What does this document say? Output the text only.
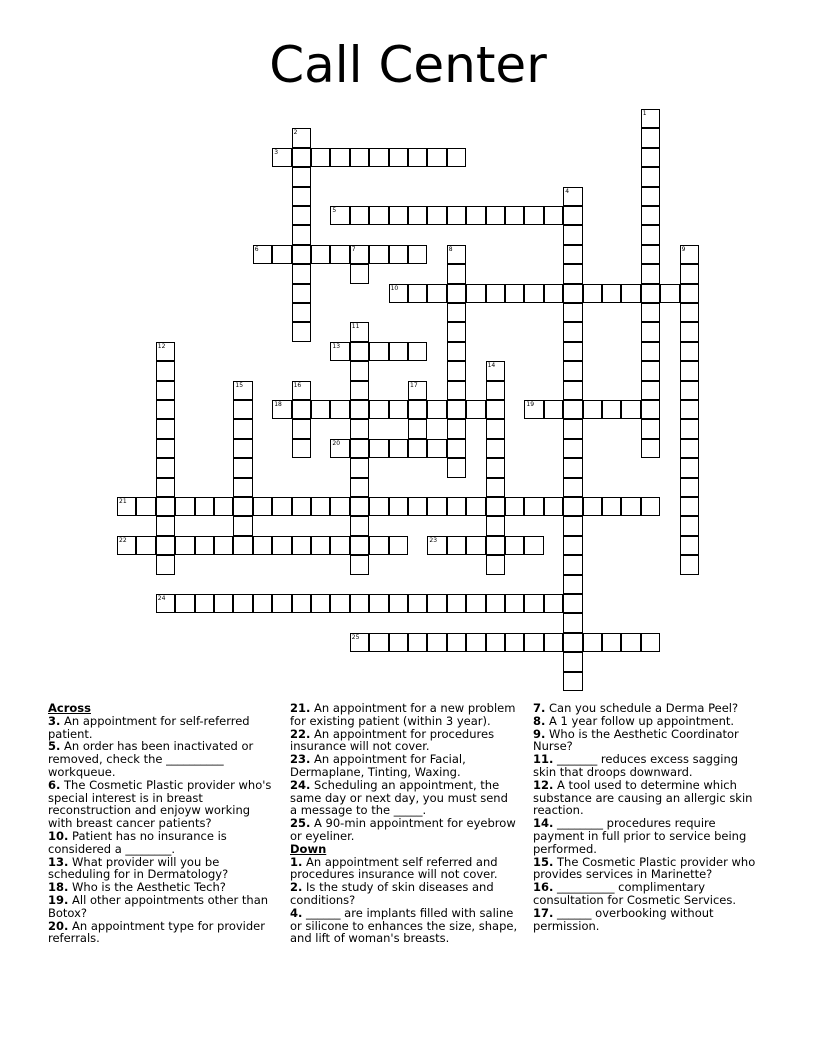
Call Center
1
2
3
4
5
6	7	8	9
10
11
12	13
14
15	16	17
18	19
20
21
22	23
24
25
Across
3. An appointment for self-referred patient.
5. An order has been inactivated or removed, check the __________ workqueue.
6. The Cosmetic Plastic provider who's special interest is in breast reconstruction and enjoyw working with breast cancer patients?
10. Patient has no insurance is considered a ________.
13. What provider will you be scheduling for in Dermatology?
18. Who is the Aesthetic Tech?
19. All other appointments other than Botox?
20. An appointment type for provider referrals.
21. An appointment for a new problem for existing patient (within 3 year).
22. An appointment for procedures insurance will not cover.
23. An appointment for Facial, Dermaplane, Tinting, Waxing.
24. Scheduling an appointment, the same day or next day, you must send a message to the _____.
25. A 90-min appointment for eyebrow or eyeliner.
Down
1. An appointment self referred and procedures insurance will not cover.
2. Is the study of skin diseases and conditions?
4. ______ are implants filled with saline or silicone to enhances the size, shape, and lift of woman's breasts.
7. Can you schedule a Derma Peel?
8. A 1 year follow up appointment.
9. Who is the Aesthetic Coordinator Nurse?
11. _______ reduces excess sagging skin that droops downward.
12. A tool used to determine which substance are causing an allergic skin reaction.
14. ________ procedures require payment in full prior to service being performed.
15. The Cosmetic Plastic provider who provides services in Marinette?
16. __________ complimentary consultation for Cosmetic Services.
17. ______ overbooking without permission.
